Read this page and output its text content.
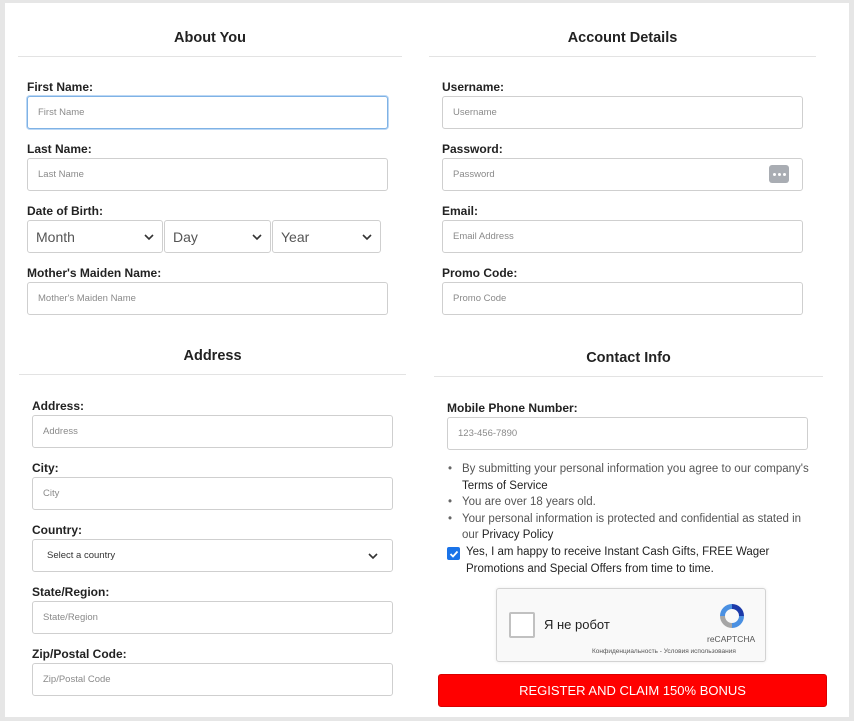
About You
First Name:
First Name
Last Name:
Last Name
Date of Birth:
Month	Day	Year
Mother's Maiden Name:
Mother's Maiden Name
Account Details
Username:
Username
Password:
Email:
Email Address
Promo Code:
Promo Code
Address
Address:
Address
City:
City
Country:
Select a country
State/Region:
State/Region
Zip/Postal Code:
Zip/Postal Code
Contact Info
Mobile Phone Number:
123-456-7890
• By submitting your personal information you agree to our company's Terms of Service
• You are over 18 years old.
• Your personal information is protected and confidential as stated in our Privacy Policy
Yes, I am happy to receive Instant Cash Gifts, FREE Wager Promotions and Special Offers from time to time.
Я не робот
reCAPTCHA
Конфиденциальность - Условия использования
REGISTER AND CLAIM 150% BONUS
